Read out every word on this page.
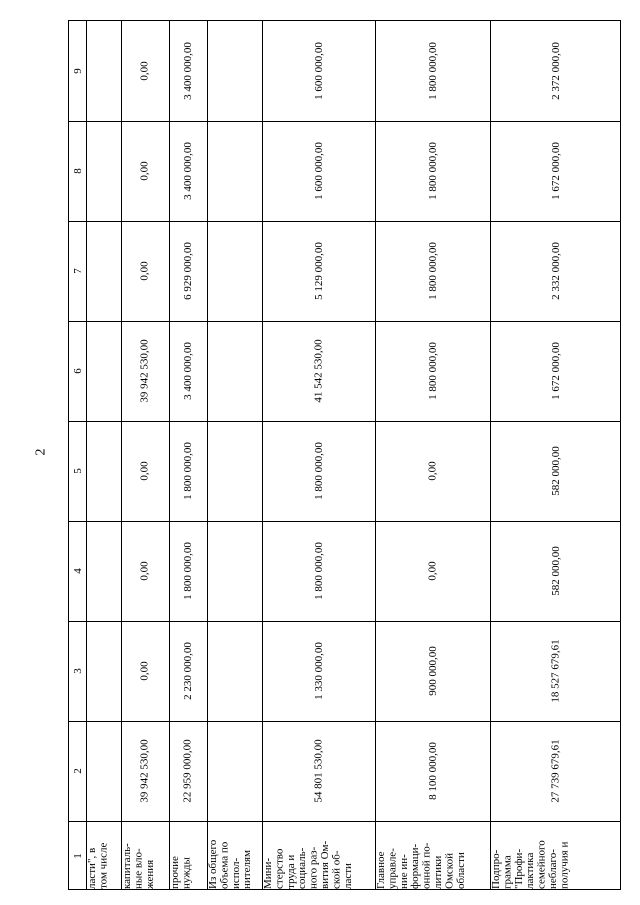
2
1
2
3
4
5
6
7
8
9
ласти", в
том числе	капиталь-
ные вло-
жения
39 942 530,00
0,00
0,00
0,00
39 942 530,00
0,00
0,00
0,00
прочие
нужды
22 959 000,00
2 230 000,00
1 800 000,00
1 800 000,00
3 400 000,00
6 929 000,00
3 400 000,00
3 400 000,00
Из общего
объема по
испол-
нителям Мини-
стерство
труда и
социаль-
ного раз-
вития Ом-
ской об-
ласти
54 801 530,00
1 330 000,00
1 800 000,00
1 800 000,00
41 542 530,00
5 129 000,00
1 600 000,00
1 600 000,00
Главное
управле-
ние ин-
формаци-
онной по-
литики
Омской
области
8 100 000,00
900 000,00
0,00
0,00
1 800 000,00
1 800 000,00
1 800 000,00
1 800 000,00
Подпро-
грамма
"Профи-
лактика
семейного
неблаго-
получия и
27 739 679,61
18 527 679,61
582 000,00
582 000,00
1 672 000,00
2 332 000,00
1 672 000,00
2 372 000,00
